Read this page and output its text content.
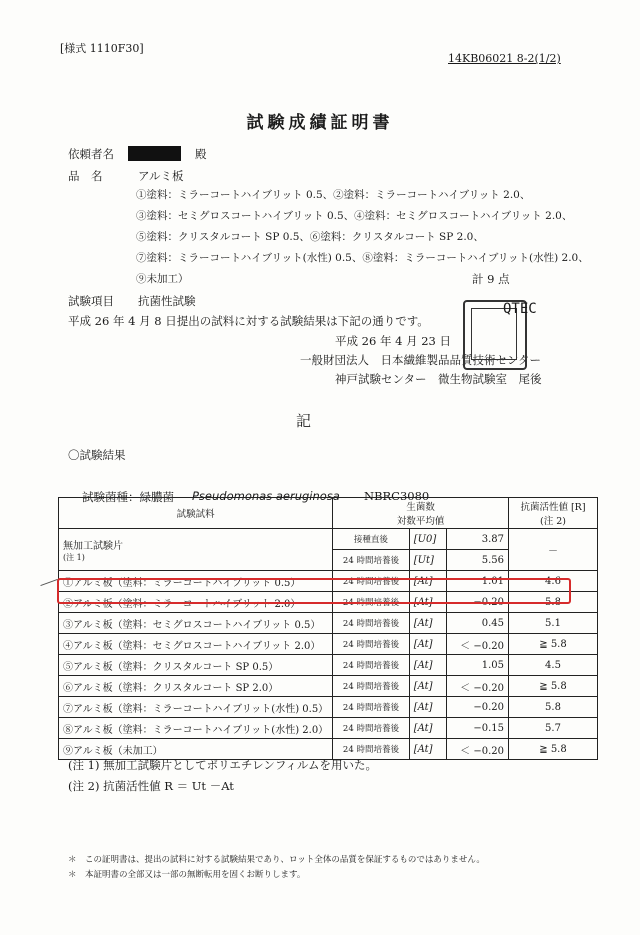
[様式 1110F30]
14KB06021 8-2(1/2)
試験成績証明書
依頼者名	殿
品　名	アルミ板
①塗料：ミラーコートハイブリット 0.5、②塗料：ミラーコートハイブリット 2.0、
③塗料：セミグロスコートハイブリット 0.5、④塗料：セミグロスコートハイブリット 2.0、
⑤塗料：クリスタルコート SP 0.5、⑥塗料：クリスタルコート SP 2.0、
⑦塗料：ミラーコートハイブリット(水性) 0.5、⑧塗料：ミラーコートハイブリット(水性) 2.0、
⑨未加工）	計 9 点
試験項目 抗菌性試験
平成 26 年 4 月 8 日提出の試料に対する試験結果は下記の通りです。
平成 26 年 4 月 23 日
一般財団法人　日本繊維製品品質技術センター
神戸試験センター　微生物試験室　尾後
QTEC
記
〇試験結果
試験菌種：緑膿菌 Pseudomonas aeruginosa NBRC3080
試験試料	生菌数
対数平均値			抗菌活性値 [R]
(注 2)
無加工試験片
(注 1)	接種直後	[U0]	3.87	－
	24 時間培養後	[Ut]	5.56	
①アルミ板（塗料：ミラーコートハイブリット 0.5）	24 時間培養後	[At]	1.01	4.6
②アルミ板（塗料：ミラーコートハイブリット 2.0）	24 時間培養後	[At]	−0.20	5.8
③アルミ板（塗料：セミグロスコートハイブリット 0.5）	24 時間培養後	[At]	0.45	5.1
④アルミ板（塗料：セミグロスコートハイブリット 2.0）	24 時間培養後	[At]	＜ −0.20	≧ 5.8
⑤アルミ板（塗料：クリスタルコート SP 0.5）	24 時間培養後	[At]	1.05	4.5
⑥アルミ板（塗料：クリスタルコート SP 2.0）	24 時間培養後	[At]	＜ −0.20	≧ 5.8
⑦アルミ板（塗料：ミラーコートハイブリット(水性) 0.5）	24 時間培養後	[At]	−0.20	5.8
⑧アルミ板（塗料：ミラーコートハイブリット(水性) 2.0）	24 時間培養後	[At]	−0.15	5.7
⑨アルミ板（未加工）	24 時間培養後	[At]	＜ −0.20	≧ 5.8
(注 1) 無加工試験片としてポリエチレンフィルムを用いた。
(注 2) 抗菌活性値 R ＝ Ut －At
＊　この証明書は、提出の試料に対する試験結果であり、ロット全体の品質を保証するものではありません。
＊　本証明書の全部又は一部の無断転用を固くお断りします。
